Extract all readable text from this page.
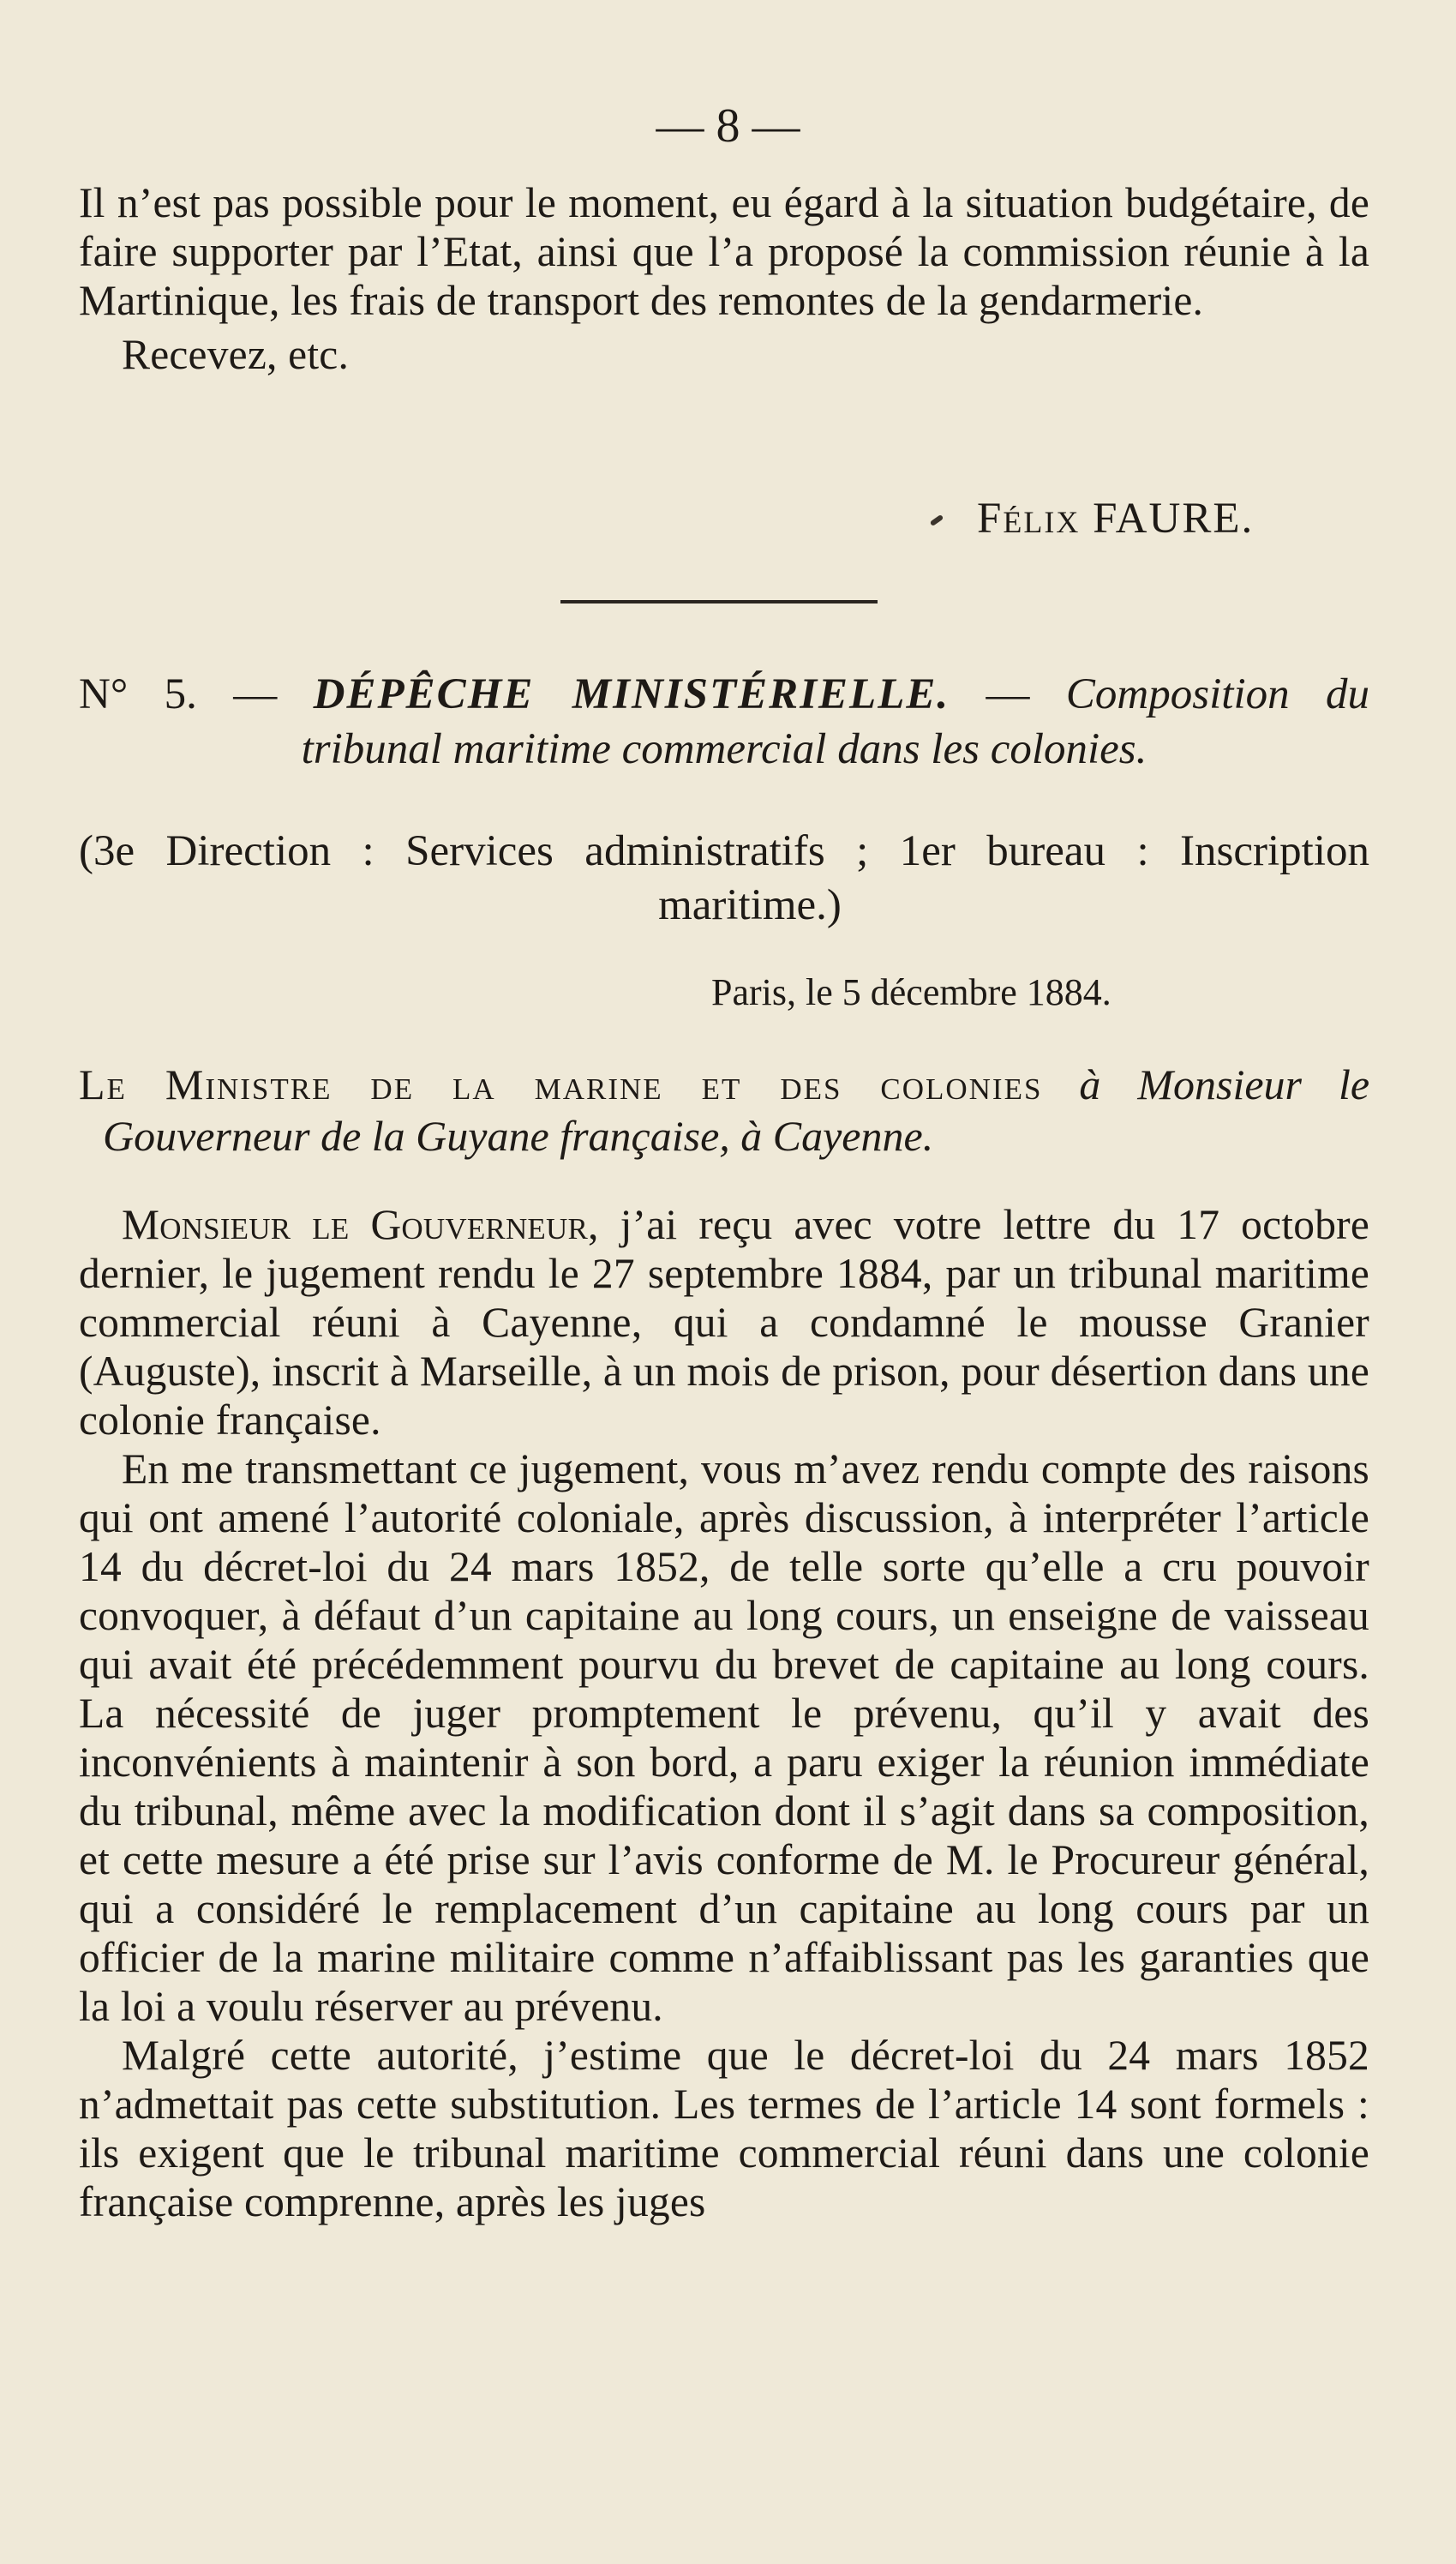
— 8 —

Il n’est pas possible pour le moment, eu égard à la situation budgétaire, de faire supporter par l’Etat, ainsi que l’a proposé la commission réunie à la Martinique, les frais de transport des remontes de la gendarmerie.

Recevez, etc.

Félix FAURE.
N° 5. — DÉPÊCHE MINISTÉRIELLE. — Composition du
tribunal maritime commercial dans les colonies.
(3e Direction : Services administratifs ; 1er bureau : Inscription
maritime.)
Paris, le 5 décembre 1884.
Le Ministre de la marine et des colonies à Monsieur le
Gouverneur de la Guyane française, à Cayenne.

Monsieur le Gouverneur, j’ai reçu avec votre lettre du 17 octobre dernier, le jugement rendu le 27 septembre 1884, par un tribunal maritime commercial réuni à Cayenne, qui a condamné le mousse Granier (Auguste), inscrit à Marseille, à un mois de prison, pour désertion dans une colonie française.

En me transmettant ce jugement, vous m’avez rendu compte des raisons qui ont amené l’autorité coloniale, après discussion, à interpréter l’article 14 du décret-loi du 24 mars 1852, de telle sorte qu’elle a cru pouvoir convoquer, à défaut d’un capitaine au long cours, un enseigne de vaisseau qui avait été précédemment pourvu du brevet de capitaine au long cours. La nécessité de juger promptement le prévenu, qu’il y avait des inconvénients à maintenir à son bord, a paru exiger la réunion immédiate du tribunal, même avec la modification dont il s’agit dans sa composition, et cette mesure a été prise sur l’avis conforme de M. le Procureur général, qui a considéré le remplacement d’un capitaine au long cours par un officier de la marine militaire comme n’affaiblissant pas les garanties que la loi a voulu réserver au prévenu.

Malgré cette autorité, j’estime que le décret-loi du 24 mars 1852 n’admettait pas cette substitution. Les termes de l’article 14 sont formels : ils exigent que le tribunal maritime commercial réuni dans une colonie française comprenne, après les juges
